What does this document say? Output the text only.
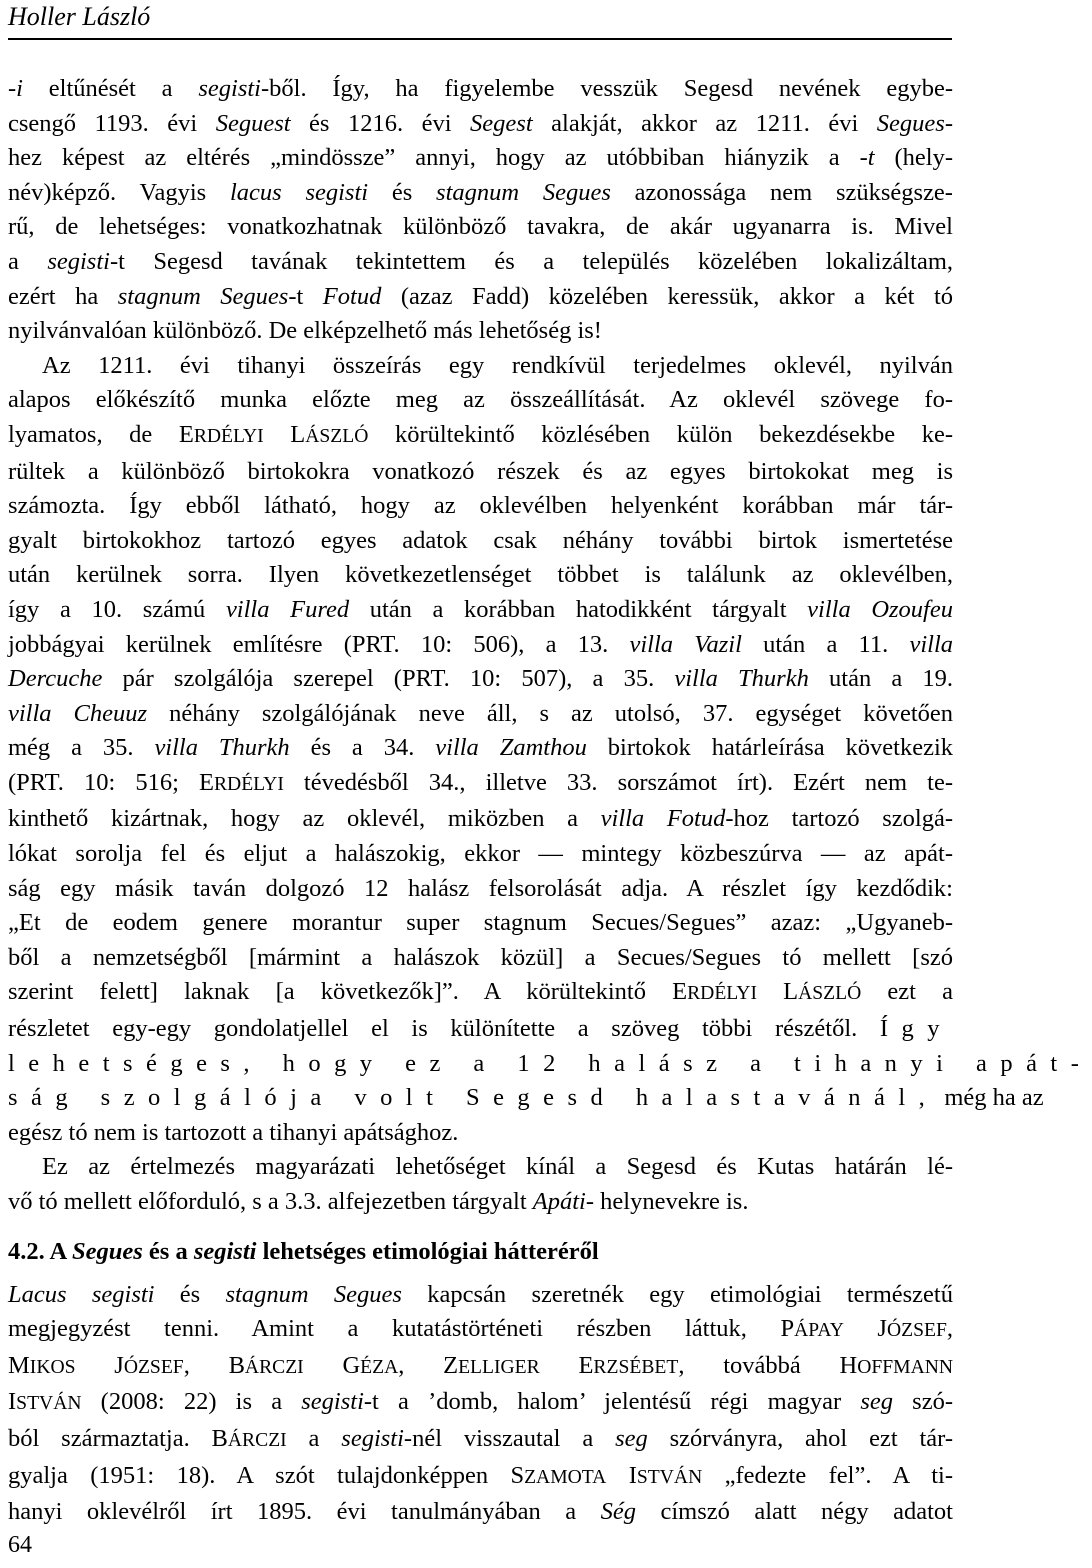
Holler László
-i eltűnését a segisti-ből. Így, ha figyelembe vesszük Segesd nevének egybe-
csengő 1193. évi Seguest és 1216. évi Segest alakját, akkor az 1211. évi Segues-
hez képest az eltérés „mindössze” annyi, hogy az utóbbiban hiányzik a -t (hely-
név)képző. Vagyis lacus segisti és stagnum Segues azonossága nem szükségsze-
rű, de lehetséges: vonatkozhatnak különböző tavakra, de akár ugyanarra is. Mivel
a segisti-t Segesd tavának tekintettem és a település közelében lokalizáltam,
ezért ha stagnum Segues-t Fotud (azaz Fadd) közelében keressük, akkor a két tó
nyilvánvalóan különböző. De elképzelhető más lehetőség is!
Az 1211. évi tihanyi összeírás egy rendkívül terjedelmes oklevél, nyilván
alapos előkészítő munka előzte meg az összeállítását. Az oklevél szövege fo-
lyamatos, de ERDÉLYI LÁSZLÓ körültekintő közlésében külön bekezdésekbe ke-
rültek a különböző birtokokra vonatkozó részek és az egyes birtokokat meg is
számozta. Így ebből látható, hogy az oklevélben helyenként korábban már tár-
gyalt birtokokhoz tartozó egyes adatok csak néhány további birtok ismertetése
után kerülnek sorra. Ilyen következetlenséget többet is találunk az oklevélben,
így a 10. számú villa Fured után a korábban hatodikként tárgyalt villa Ozoufeu
jobbágyai kerülnek említésre (PRT. 10: 506), a 13. villa Vazil után a 11. villa
Dercuche pár szolgálója szerepel (PRT. 10: 507), a 35. villa Thurkh után a 19.
villa Cheuuz néhány szolgálójának neve áll, s az utolsó, 37. egységet követően
még a 35. villa Thurkh és a 34. villa Zamthou birtokok határleírása következik
(PRT. 10: 516; ERDÉLYI tévedésből 34., illetve 33. sorszámot írt). Ezért nem te-
kinthető kizártnak, hogy az oklevél, miközben a villa Fotud-hoz tartozó szolgá-
lókat sorolja fel és eljut a halászokig, ekkor — mintegy közbeszúrva — az apát-
ság egy másik taván dolgozó 12 halász felsorolását adja. A részlet így kezdődik:
„Et de eodem genere morantur super stagnum Secues/Segues” azaz: „Ugyaneb-
ből a nemzetségből [mármint a halászok közül] a Secues/Segues tó mellett [szó
szerint felett] laknak [a következők]”. A körültekintő ERDÉLYI LÁSZLÓ ezt a
részletet egy-egy gondolatjellel el is különítette a szöveg többi részétől. Így
lehetséges, hogy ez a 12 halász a tihanyi apát-
ság szolgálója volt Segesd halastavánál, még ha az
egész tó nem is tartozott a tihanyi apátsághoz.
Ez az értelmezés magyarázati lehetőséget kínál a Segesd és Kutas határán lé-
vő tó mellett előforduló, s a 3.3. alfejezetben tárgyalt Apáti- helynevekre is.
4.2. A Segues és a segisti lehetséges etimológiai hátteréről
Lacus segisti és stagnum Segues kapcsán szeretnék egy etimológiai természetű
megjegyzést tenni. Amint a kutatástörténeti részben láttuk, PÁPAY JÓZSEF,
MIKOS JÓZSEF, BÁRCZI GÉZA, ZELLIGER ERZSÉBET, továbbá HOFFMANN
ISTVÁN (2008: 22) is a segisti-t a ’domb, halom’ jelentésű régi magyar seg szó-
ból származtatja. BÁRCZI a segisti-nél visszautal a seg szórványra, ahol ezt tár-
gyalja (1951: 18). A szót tulajdonképpen SZAMOTA ISTVÁN „fedezte fel”. A ti-
hanyi oklevélről írt 1895. évi tanulmányában a Ség címszó alatt négy adatot
64
